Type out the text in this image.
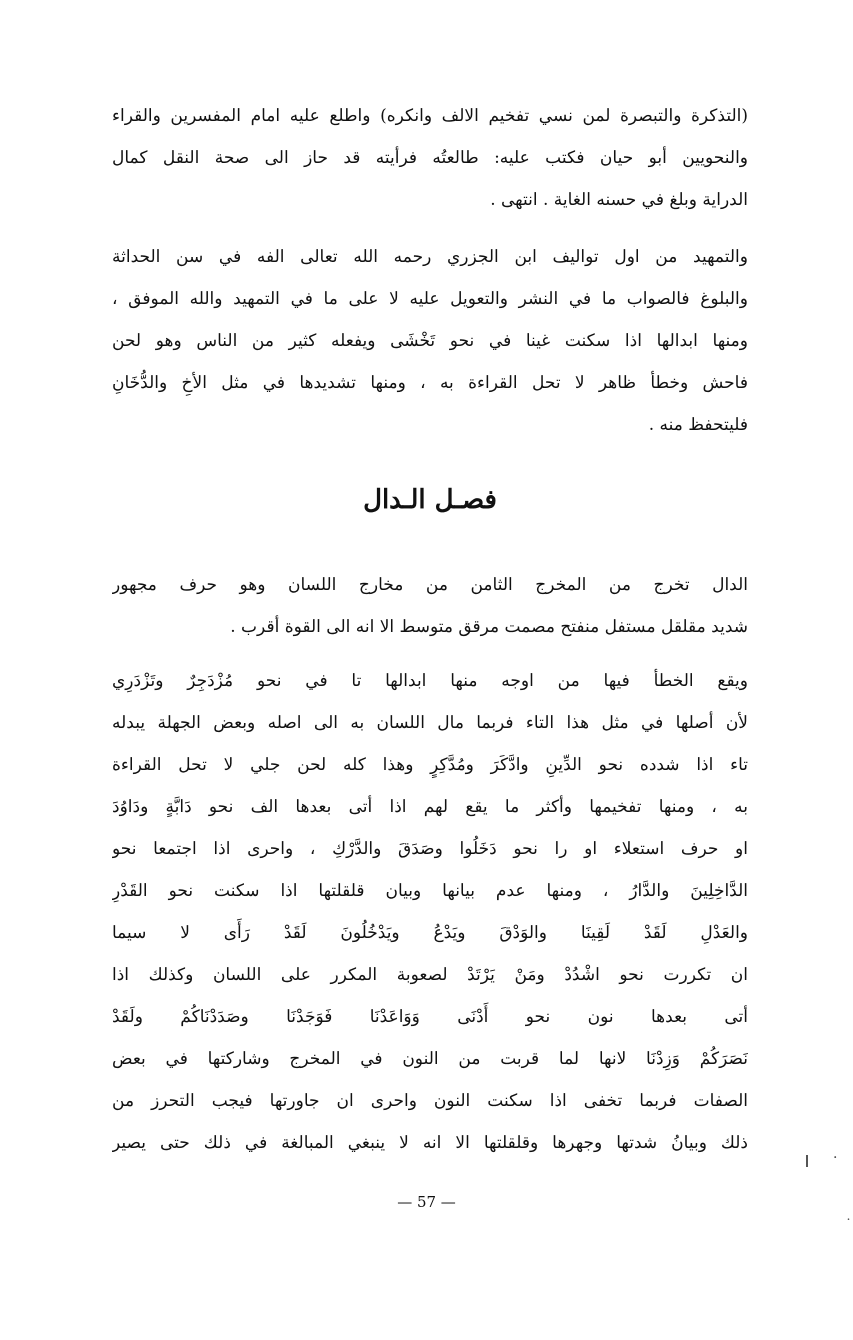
(التذكرة والتبصرة لمن نسي تفخيم الالف وانكره) واطلع عليه امام المفسرين والقراء
والنحويين أبو حيان فكتب عليه: طالعتُه فرأيته قد حاز الى صحة النقل كمال
الدراية وبلغ في حسنه الغاية . انتهى .
والتمهيد من اول تواليف ابن الجزري رحمه الله تعالى الفه في سن الحداثة
والبلوغ فالصواب ما في النشر والتعويل عليه لا على ما في التمهيد والله الموفق ،
ومنها ابدالها اذا سكنت غينا في نحو تَخْشَى ويفعله كثير من الناس وهو لحن
فاحش وخطأ ظاهر لا تحل القراءة به ، ومنها تشديدها في مثل الأخِ والدُّخَانِ
فليتحفظ منه .
فصـل الـدال
الدال تخرج من المخرج الثامن من مخارج اللسان وهو حرف مجهور
شديد مقلقل مستفل منفتح مصمت مرقق متوسط الا انه الى القوة أقرب .
ويقع الخطأ فيها من اوجه منها ابدالها تا في نحو مُزْدَجِرٌ وتَزْدَرِي
لأن أصلها في مثل هذا التاء فربما مال اللسان به الى اصله وبعض الجهلة يبدله
تاء اذا شدده نحو الدِّينِ وادَّكَرَ ومُدَّكِرٍ وهذا كله لحن جلي لا تحل القراءة
به ، ومنها تفخيمها وأكثر ما يقع لهم اذا أتى بعدها الف نحو دَابَّةٍ ودَاوُدَ
او حرف استعلاء او را نحو دَخَلُوا وصَدَقَ والدَّرْكِ ، واحرى اذا اجتمعا نحو
الدَّاخِلِينَ والدَّارُ ، ومنها عدم بيانها وبيان قلقلتها اذا سكنت نحو القَدْرِ
والعَدْلِ لَقَدْ لَقِينَا والوَدْقَ ويَدْعُ ويَدْخُلُونَ لَقَدْ رَأَى لا سيما
ان تكررت نحو اشْدُدْ ومَنْ يَرْتَدْ لصعوبة المكرر على اللسان وكذلك اذا
أتى بعدها نون نحو أَدْنَى وَوَاعَدْنَا فَوَجَدْنَا وصَدَدْنَاكُمْ ولَقَدْ
نَصَرَكُمْ وَزِدْنَا لانها لما قربت من النون في المخرج وشاركتها في بعض
الصفات فربما تخفى اذا سكنت النون واحرى ان جاورتها فيجب التحرز من
ذلك وبيانُ شدتها وجهرها وقلقلتها الا انه لا ينبغي المبالغة في ذلك حتى يصير
— 57 —
·
˙
